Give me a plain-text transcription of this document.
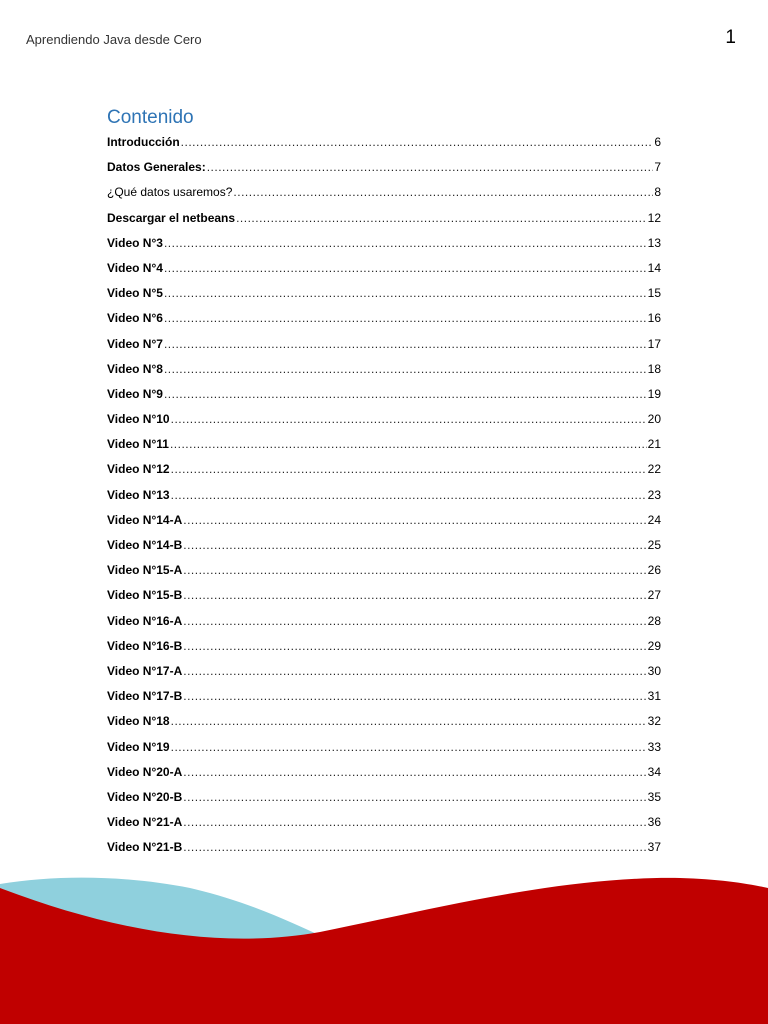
Aprendiendo Java desde Cero	1
Contenido
Introducción .....	6
Datos Generales: .....	7
¿Qué datos usaremos? .....	8
Descargar el netbeans .....	12
Video N°3 .....	13
Video N°4 .....	14
Video N°5 .....	15
Video N°6 .....	16
Video N°7 .....	17
Video N°8 .....	18
Video N°9 .....	19
Video N°10 .....	20
Video N°11 .....	21
Video N°12 .....	22
Video N°13 .....	23
Video N°14-A .....	24
Video N°14-B .....	25
Video N°15-A .....	26
Video N°15-B .....	27
Video N°16-A .....	28
Video N°16-B .....	29
Video N°17-A .....	30
Video N°17-B .....	31
Video N°18 .....	32
Video N°19 .....	33
Video N°20-A .....	34
Video N°20-B .....	35
Video N°21-A .....	36
Video N°21-B .....	37
